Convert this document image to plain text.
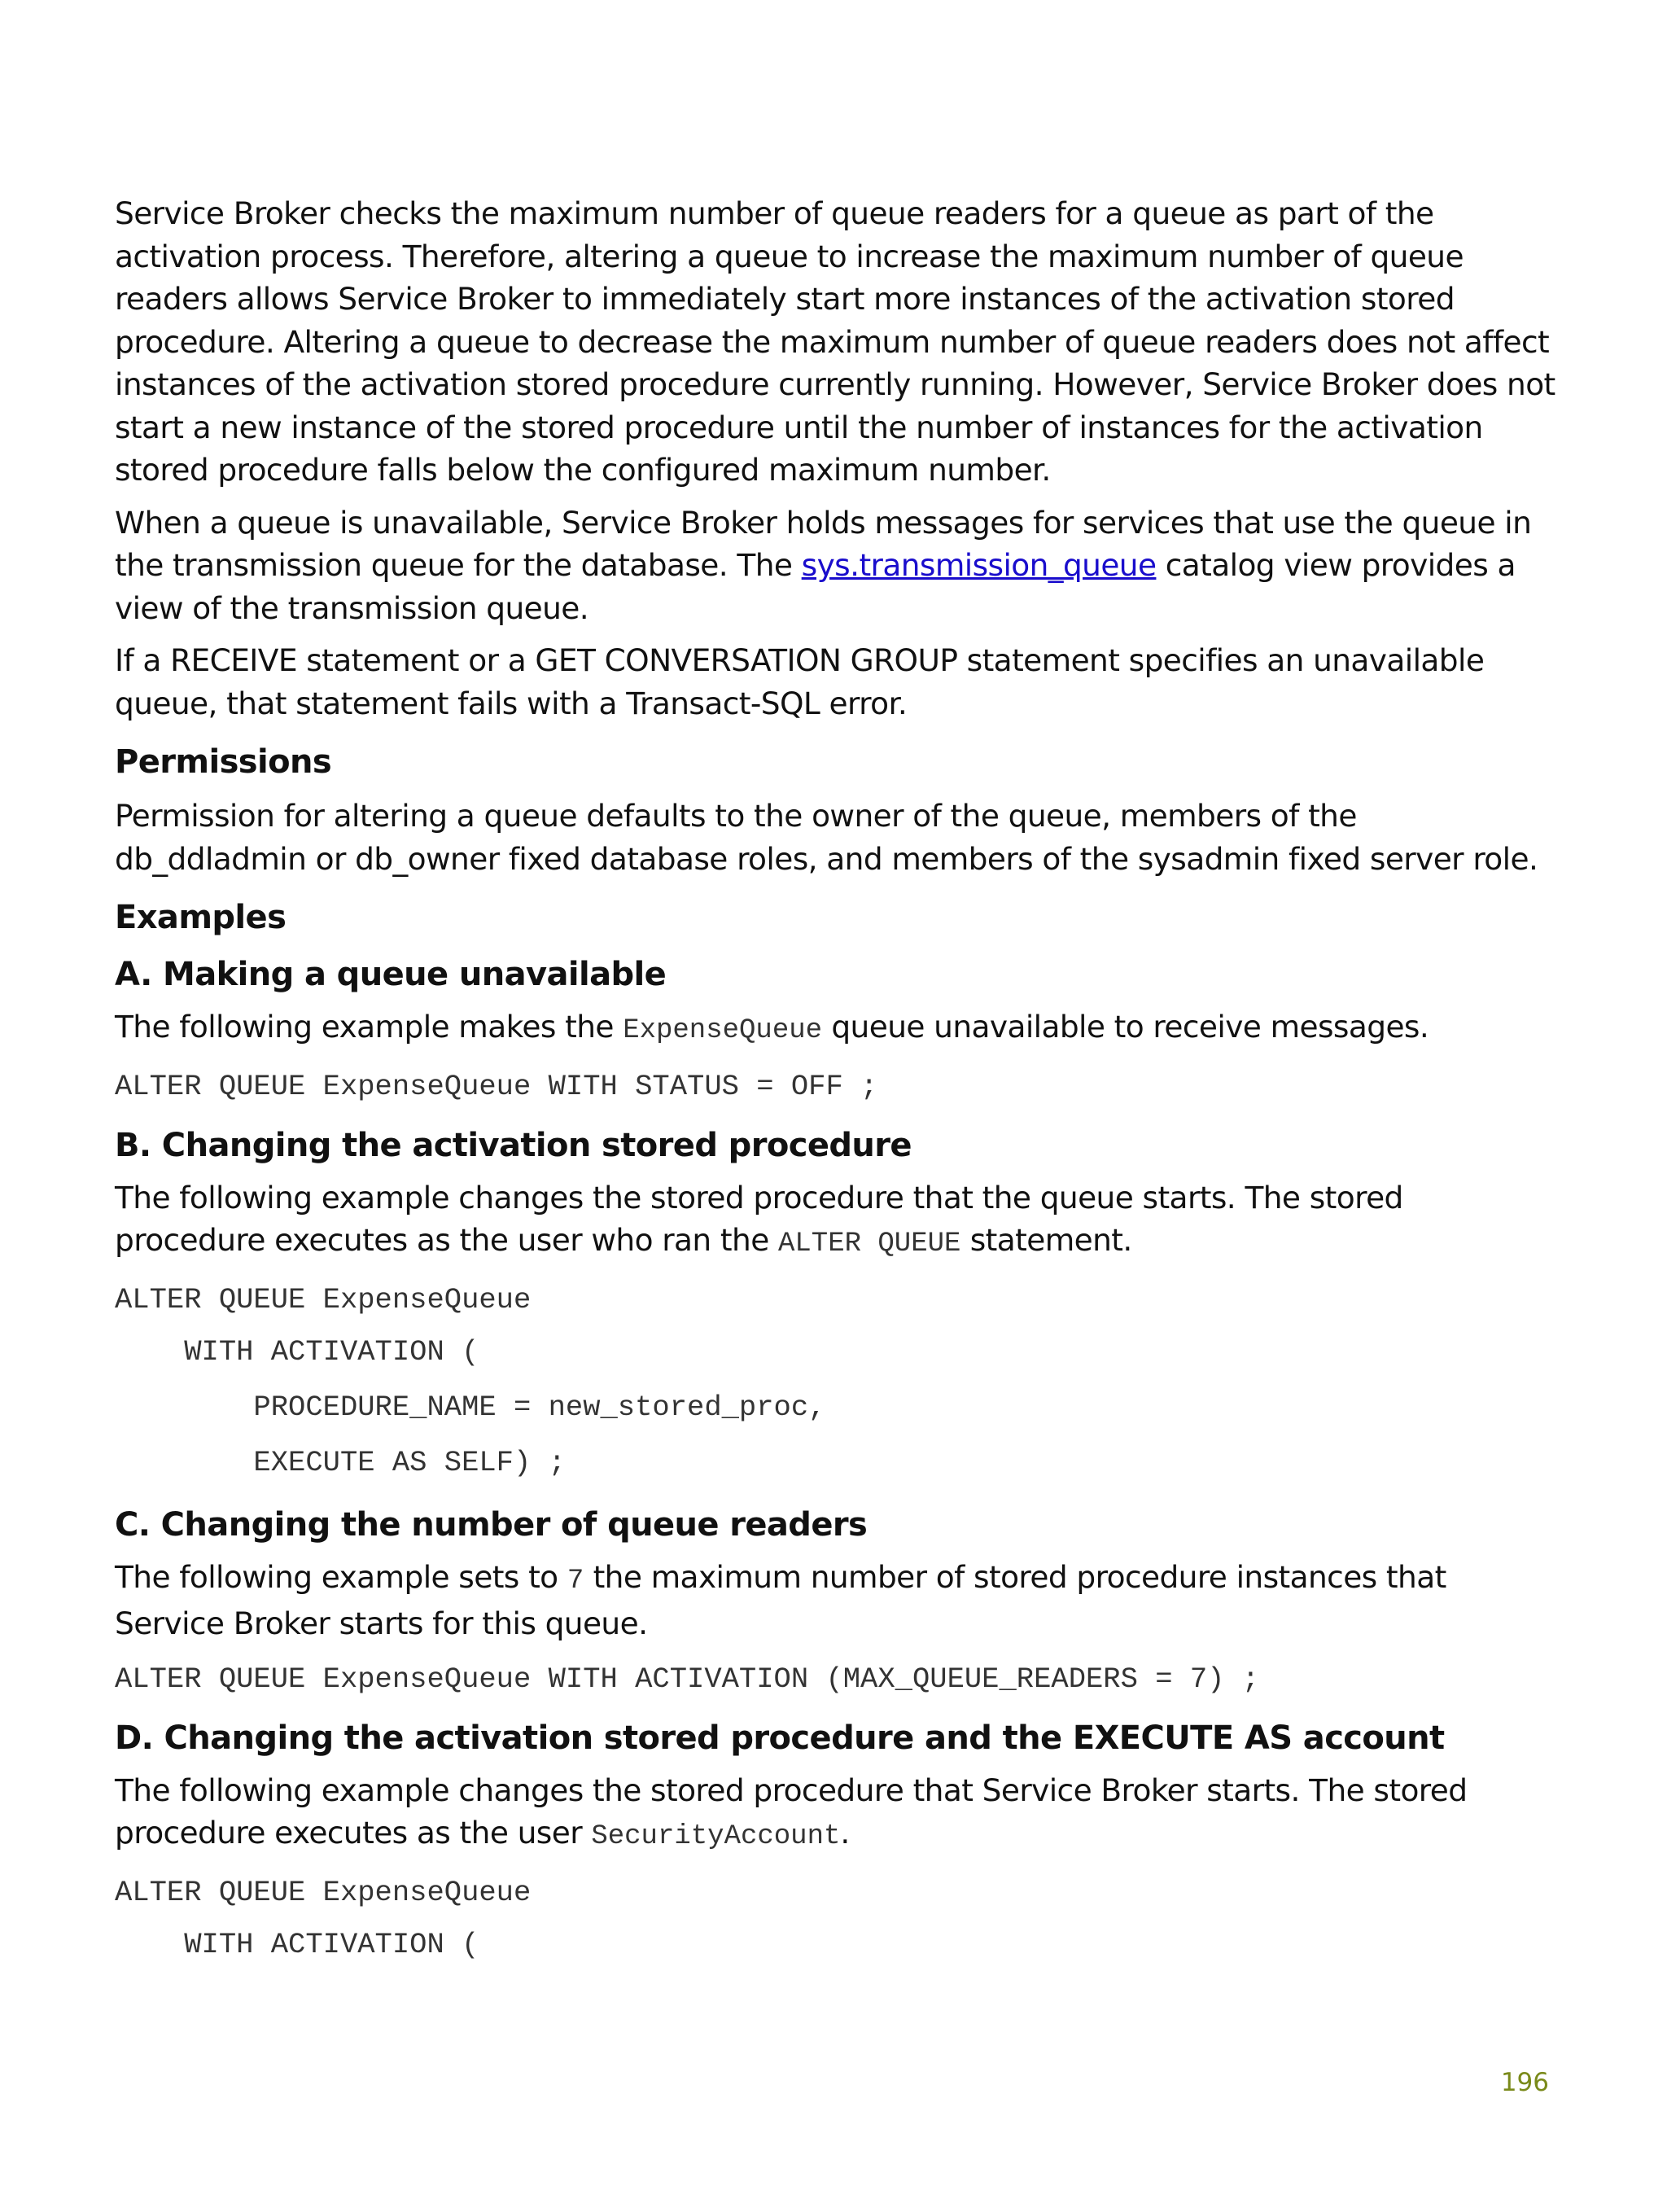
Service Broker checks the maximum number of queue readers for a queue as part of the activation process. Therefore, altering a queue to increase the maximum number of queue readers allows Service Broker to immediately start more instances of the activation stored procedure. Altering a queue to decrease the maximum number of queue readers does not affect instances of the activation stored procedure currently running. However, Service Broker does not start a new instance of the stored procedure until the number of instances for the activation stored procedure falls below the configured maximum number.

When a queue is unavailable, Service Broker holds messages for services that use the queue in the transmission queue for the database. The sys.transmission_queue catalog view provides a view of the transmission queue.

If a RECEIVE statement or a GET CONVERSATION GROUP statement specifies an unavailable queue, that statement fails with a Transact-SQL error.

Permissions

Permission for altering a queue defaults to the owner of the queue, members of the db_ddladmin or db_owner fixed database roles, and members of the sysadmin fixed server role.

Examples
A. Making a queue unavailable

The following example makes the ExpenseQueue queue unavailable to receive messages.

ALTER QUEUE ExpenseQueue WITH STATUS = OFF ;
B. Changing the activation stored procedure

The following example changes the stored procedure that the queue starts. The stored procedure executes as the user who ran the ALTER QUEUE statement.

ALTER QUEUE ExpenseQueue
WITH ACTIVATION (
PROCEDURE_NAME = new_stored_proc,
EXECUTE AS SELF) ;
C. Changing the number of queue readers

The following example sets to 7 the maximum number of stored procedure instances that Service Broker starts for this queue.

ALTER QUEUE ExpenseQueue WITH ACTIVATION (MAX_QUEUE_READERS = 7) ;
D. Changing the activation stored procedure and the EXECUTE AS account

The following example changes the stored procedure that Service Broker starts. The stored procedure executes as the user SecurityAccount.

ALTER QUEUE ExpenseQueue
WITH ACTIVATION (
196
